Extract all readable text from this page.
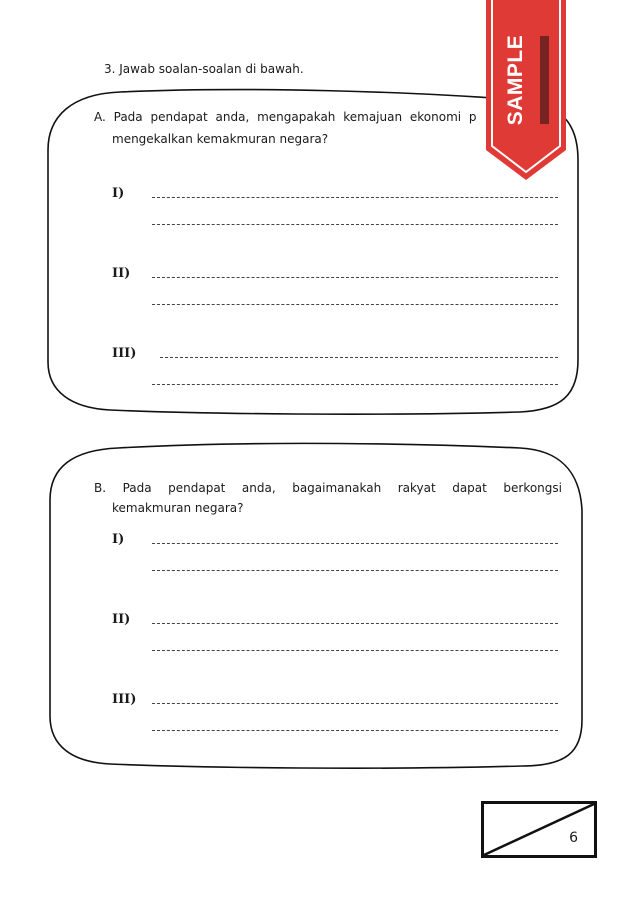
3. Jawab soalan-soalan di bawah.
A. Pada pendapat anda, mengapakah kemajuan ekonomi p
mengekalkan kemakmuran negara?
I)
II)
III)
B. Pada pendapat anda, bagaimanakah rakyat dapat berkongsi
kemakmuran negara?
I)
II)
III)
SAMPLE
6
